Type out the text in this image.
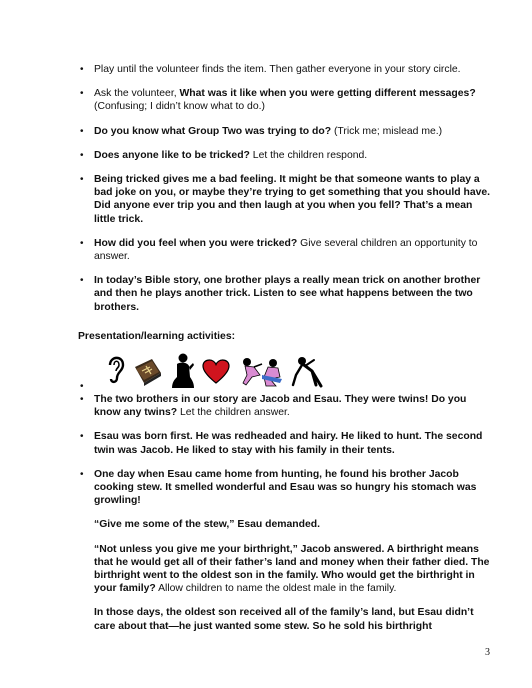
• Play until the volunteer finds the item. Then gather everyone in your story circle.
• Ask the volunteer, What was it like when you were getting different messages? (Confusing; I didn’t know what to do.)
• Do you know what Group Two was trying to do? (Trick me; mislead me.)
• Does anyone like to be tricked? Let the children respond.
• Being tricked gives me a bad feeling. It might be that someone wants to play a bad joke on you, or maybe they’re trying to get something that you should have. Did anyone ever trip you and then laugh at you when you fell? That’s a mean little trick.
• How did you feel when you were tricked? Give several children an opportunity to answer.
• In today’s Bible story, one brother plays a really mean trick on another brother and then he plays another trick. Listen to see what happens between the two brothers.
Presentation/learning activities:
•
• The two brothers in our story are Jacob and Esau. They were twins! Do you know any twins? Let the children answer.
• Esau was born first. He was redheaded and hairy. He liked to hunt. The second twin was Jacob. He liked to stay with his family in their tents.
• One day when Esau came home from hunting, he found his brother Jacob cooking stew. It smelled wonderful and Esau was so hungry his stomach was growling!

“Give me some of the stew,” Esau demanded.

“Not unless you give me your birthright,” Jacob answered. A birthright means that he would get all of their father’s land and money when their father died. The birthright went to the oldest son in the family. Who would get the birthright in your family? Allow children to name the oldest male in the family.

In those days, the oldest son received all of the family’s land, but Esau didn’t care about that—he just wanted some stew. So he sold his birthright

3
